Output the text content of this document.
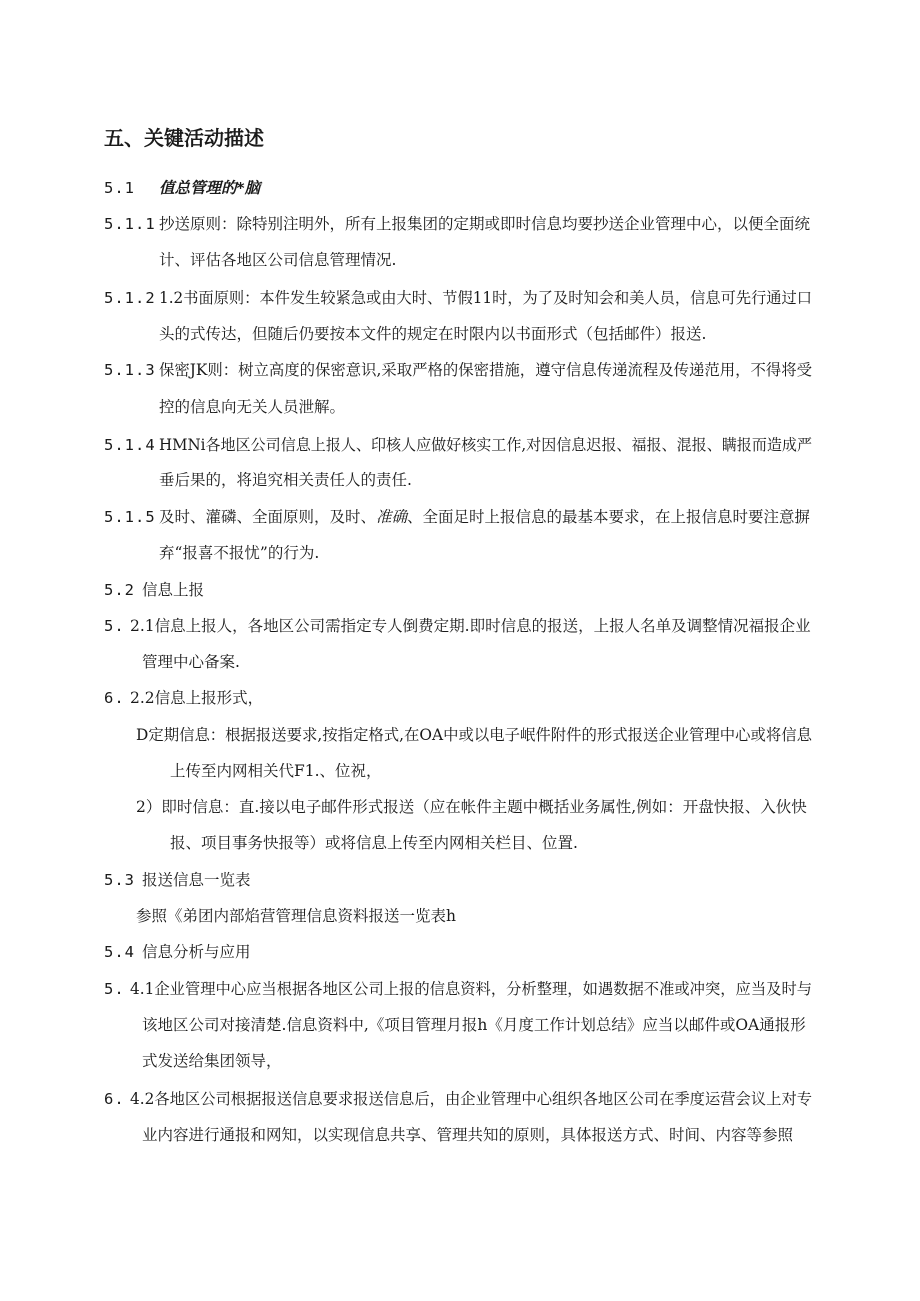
五、关键活动描述
5.1 值总管理的*脑
5.1.1 抄送原则：除特别注明外，所有上报集团的定期或即时信息均要抄送企业管理中心，以便全面统
计、评估各地区公司信息管理情况.
5.1.2 1.2书面原则：本件发生较紧急或由大时、节假11时，为了及时知会和美人员，信息可先行通过口
头的式传达，但随后仍要按本文件的规定在时限内以书面形式（包括邮件）报送.
5.1.3 保密JK则：树立高度的保密意识,采取严格的保密措施，遵守信息传递流程及传递范用，不得将受
控的信息向无关人员泄解。
5.1.4 HMNi各地区公司信息上报人、印核人应做好核实工作,对因信息迟报、福报、混报、瞒报而造成严
垂后果的，将追究相关责任人的责任.
5.1.5 及时、灌磷、全面原则，及时、准确、全面足时上报信息的最基本要求，在上报信息时要注意摒
弃“报喜不报忧”的行为.
5.2 信息上报
5. 2.1信息上报人，各地区公司需指定专人倒费定期.即时信息的报送，上报人名单及调整情况福报企业
管理中心备案.
6. 2.2信息上报形式，
D定期信息：根据报送要求,按指定格式,在OA中或以电子岷件附件的形式报送企业管理中心或将信息
上传至内网相关代F1.、位祝，
2）即时信息：直.接以电子邮件形式报送（应在帐件主题中概括业务属性,例如：开盘快报、入伙快
报、项目事务快报等）或将信息上传至内网相关栏目、位置.
5.3 报送信息一览表
参照《弟团内部焰营管理信息资料报送一览表h
5.4 信息分析与应用
5. 4.1企业管理中心应当根据各地区公司上报的信息资料，分析整理，如遇数据不准或冲突，应当及时与
该地区公司对接清楚.信息资料中,《项目管理月报h《月度工作计划总结》应当以邮件或OA通报形
式发送给集团领导，
6. 4.2各地区公司根据报送信息要求报送信息后，由企业管理中心组织各地区公司在季度运营会议上对专
业内容进行通报和网知，以实现信息共享、管理共知的原则，具体报送方式、时间、内容等参照
